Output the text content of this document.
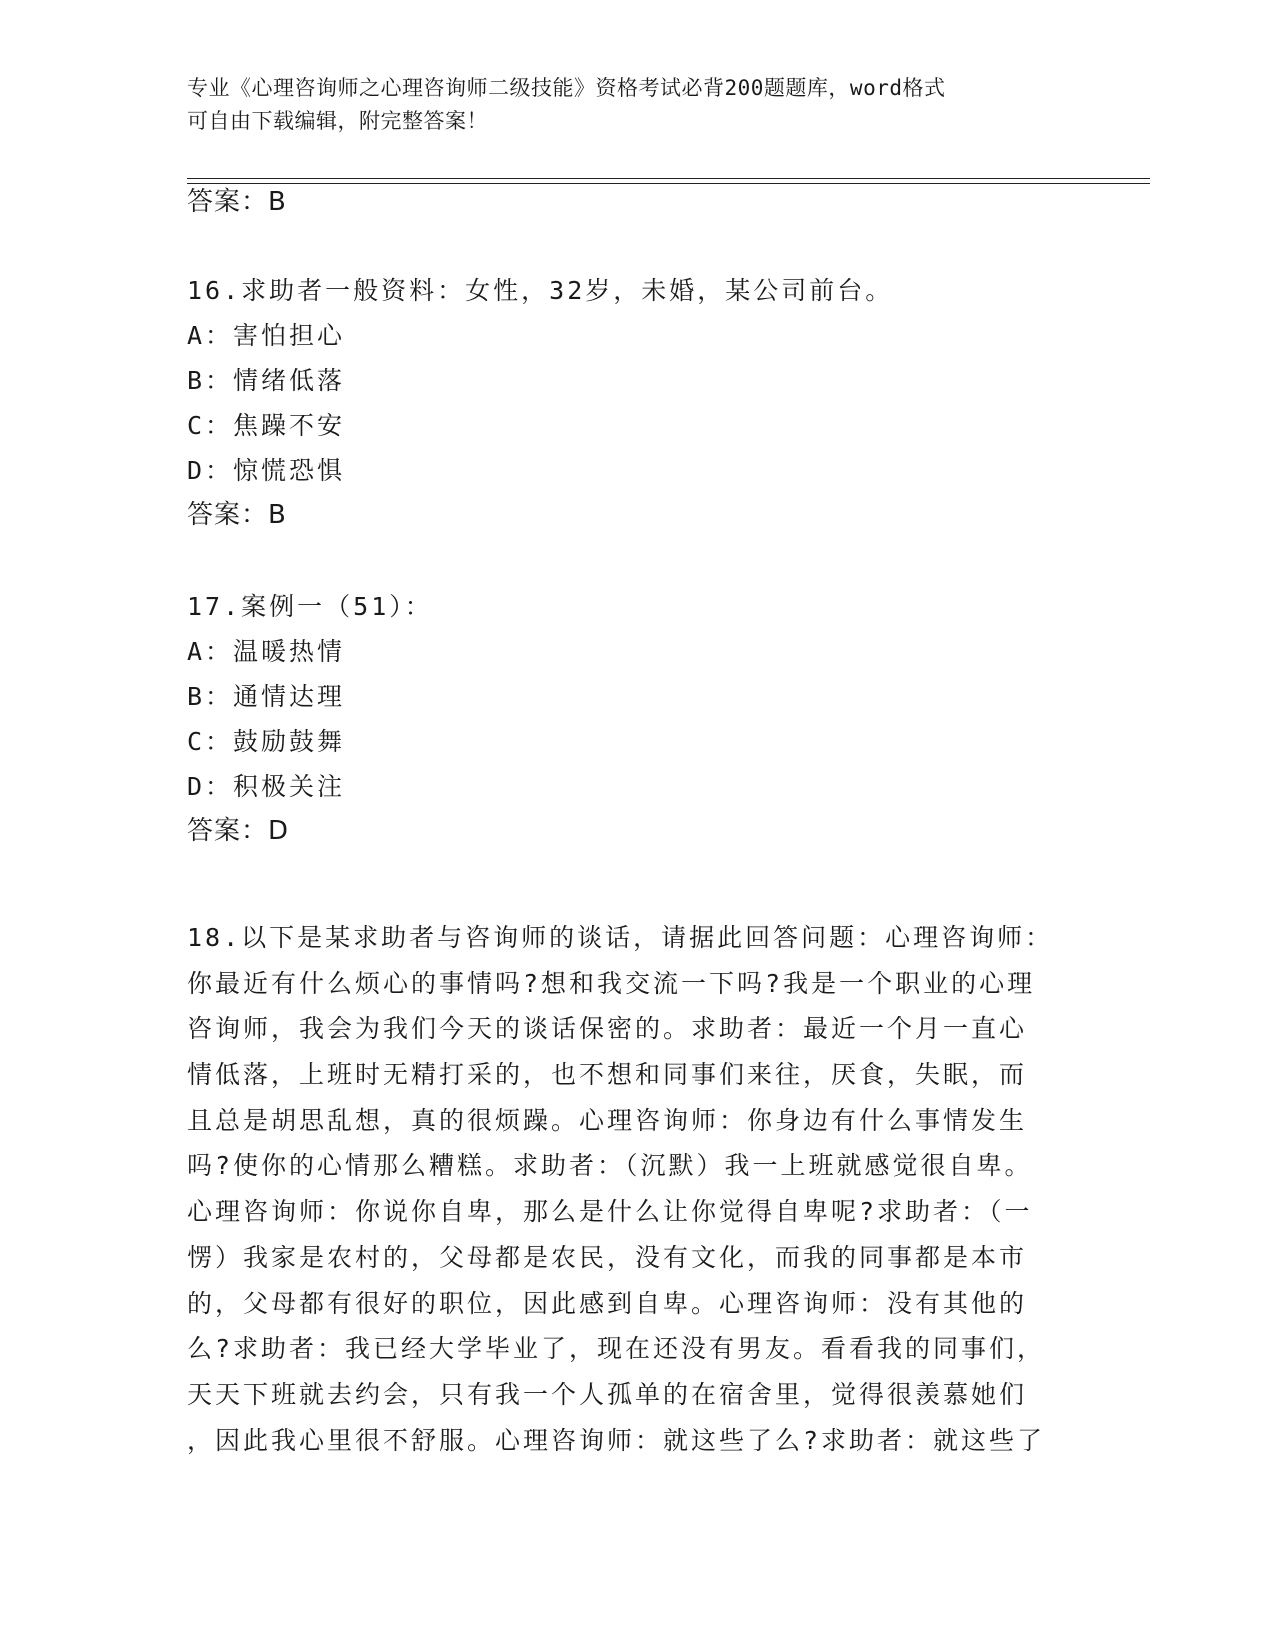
专业《心理咨询师之心理咨询师二级技能》资格考试必背200题题库，word格式
可自由下载编辑，附完整答案！
答案：B
16.求助者一般资料：女性，32岁，未婚，某公司前台。
A：害怕担心
B：情绪低落
C：焦躁不安
D：惊慌恐惧
答案：B
17.案例一（51）：
A：温暖热情
B：通情达理
C：鼓励鼓舞
D：积极关注
答案：D
18.以下是某求助者与咨询师的谈话，请据此回答问题：心理咨询师：
你最近有什么烦心的事情吗?想和我交流一下吗?我是一个职业的心理
咨询师，我会为我们今天的谈话保密的。求助者：最近一个月一直心
情低落，上班时无精打采的，也不想和同事们来往，厌食，失眠，而
且总是胡思乱想，真的很烦躁。心理咨询师：你身边有什么事情发生
吗?使你的心情那么糟糕。求助者：（沉默）我一上班就感觉很自卑。
心理咨询师：你说你自卑，那么是什么让你觉得自卑呢?求助者：（一
愣）我家是农村的，父母都是农民，没有文化，而我的同事都是本市
的，父母都有很好的职位，因此感到自卑。心理咨询师：没有其他的
么?求助者：我已经大学毕业了，现在还没有男友。看看我的同事们，
天天下班就去约会，只有我一个人孤单的在宿舍里，觉得很羡慕她们
，因此我心里很不舒服。心理咨询师：就这些了么?求助者：就这些了
